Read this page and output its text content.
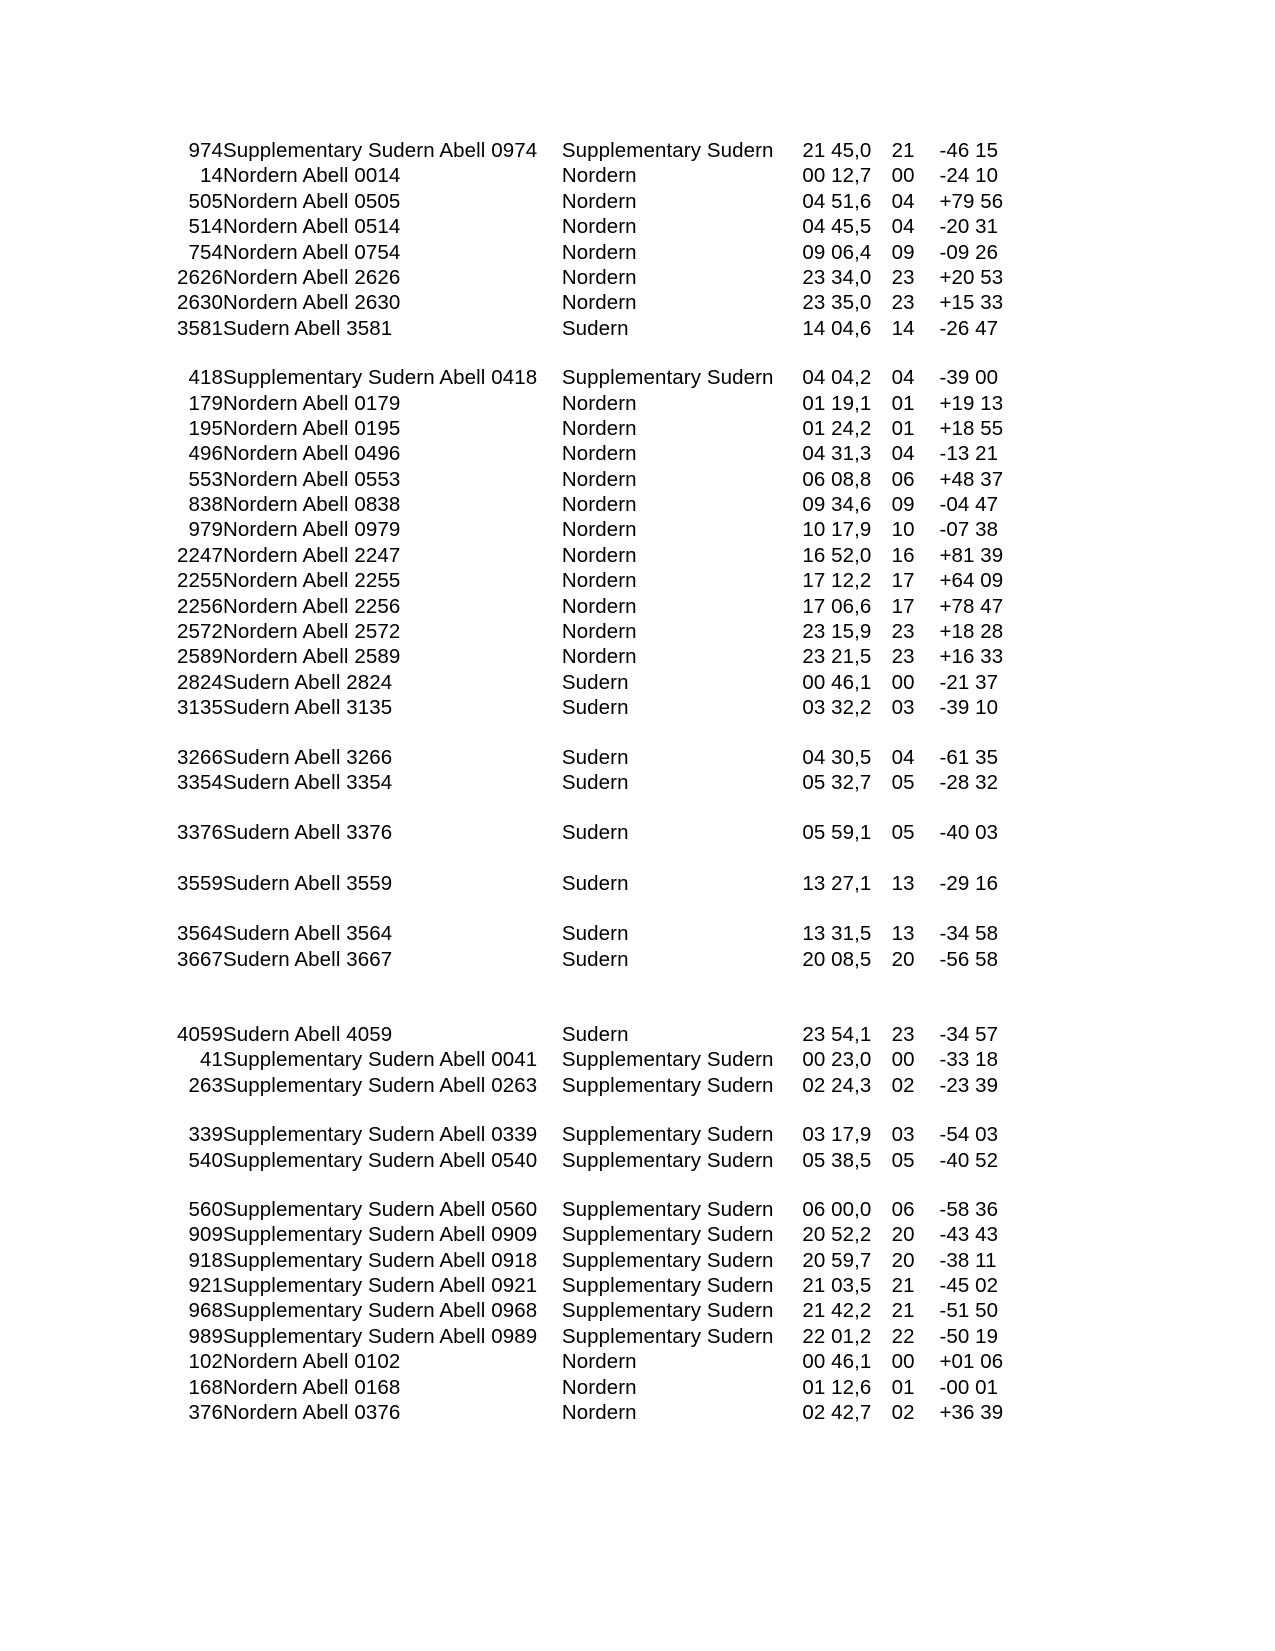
974	Supplementary Sudern Abell 0974	Supplementary Sudern	21 45,0	21	-46 15
14	Nordern Abell 0014	Nordern	00 12,7	00	-24 10
505	Nordern Abell 0505	Nordern	04 51,6	04	+79 56
514	Nordern Abell 0514	Nordern	04 45,5	04	-20 31
754	Nordern Abell 0754	Nordern	09 06,4	09	-09 26
2626	Nordern Abell 2626	Nordern	23 34,0	23	+20 53
2630	Nordern Abell 2630	Nordern	23 35,0	23	+15 33
3581	Sudern Abell 3581	Sudern	14 04,6	14	-26 47
418	Supplementary Sudern Abell 0418	Supplementary Sudern	04 04,2	04	-39 00
179	Nordern Abell 0179	Nordern	01 19,1	01	+19 13
195	Nordern Abell 0195	Nordern	01 24,2	01	+18 55
496	Nordern Abell 0496	Nordern	04 31,3	04	-13 21
553	Nordern Abell 0553	Nordern	06 08,8	06	+48 37
838	Nordern Abell 0838	Nordern	09 34,6	09	-04 47
979	Nordern Abell 0979	Nordern	10 17,9	10	-07 38
2247	Nordern Abell 2247	Nordern	16 52,0	16	+81 39
2255	Nordern Abell 2255	Nordern	17 12,2	17	+64 09
2256	Nordern Abell 2256	Nordern	17 06,6	17	+78 47
2572	Nordern Abell 2572	Nordern	23 15,9	23	+18 28
2589	Nordern Abell 2589	Nordern	23 21,5	23	+16 33
2824	Sudern Abell 2824	Sudern	00 46,1	00	-21 37
3135	Sudern Abell 3135	Sudern	03 32,2	03	-39 10
3266	Sudern Abell 3266	Sudern	04 30,5	04	-61 35
3354	Sudern Abell 3354	Sudern	05 32,7	05	-28 32
3376	Sudern Abell 3376	Sudern	05 59,1	05	-40 03
3559	Sudern Abell 3559	Sudern	13 27,1	13	-29 16
3564	Sudern Abell 3564	Sudern	13 31,5	13	-34 58
3667	Sudern Abell 3667	Sudern	20 08,5	20	-56 58
4059	Sudern Abell 4059	Sudern	23 54,1	23	-34 57
41	Supplementary Sudern Abell 0041	Supplementary Sudern	00 23,0	00	-33 18
263	Supplementary Sudern Abell 0263	Supplementary Sudern	02 24,3	02	-23 39
339	Supplementary Sudern Abell 0339	Supplementary Sudern	03 17,9	03	-54 03
540	Supplementary Sudern Abell 0540	Supplementary Sudern	05 38,5	05	-40 52
560	Supplementary Sudern Abell 0560	Supplementary Sudern	06 00,0	06	-58 36
909	Supplementary Sudern Abell 0909	Supplementary Sudern	20 52,2	20	-43 43
918	Supplementary Sudern Abell 0918	Supplementary Sudern	20 59,7	20	-38 11
921	Supplementary Sudern Abell 0921	Supplementary Sudern	21 03,5	21	-45 02
968	Supplementary Sudern Abell 0968	Supplementary Sudern	21 42,2	21	-51 50
989	Supplementary Sudern Abell 0989	Supplementary Sudern	22 01,2	22	-50 19
102	Nordern Abell 0102	Nordern	00 46,1	00	+01 06
168	Nordern Abell 0168	Nordern	01 12,6	01	-00 01
376	Nordern Abell 0376	Nordern	02 42,7	02	+36 39
